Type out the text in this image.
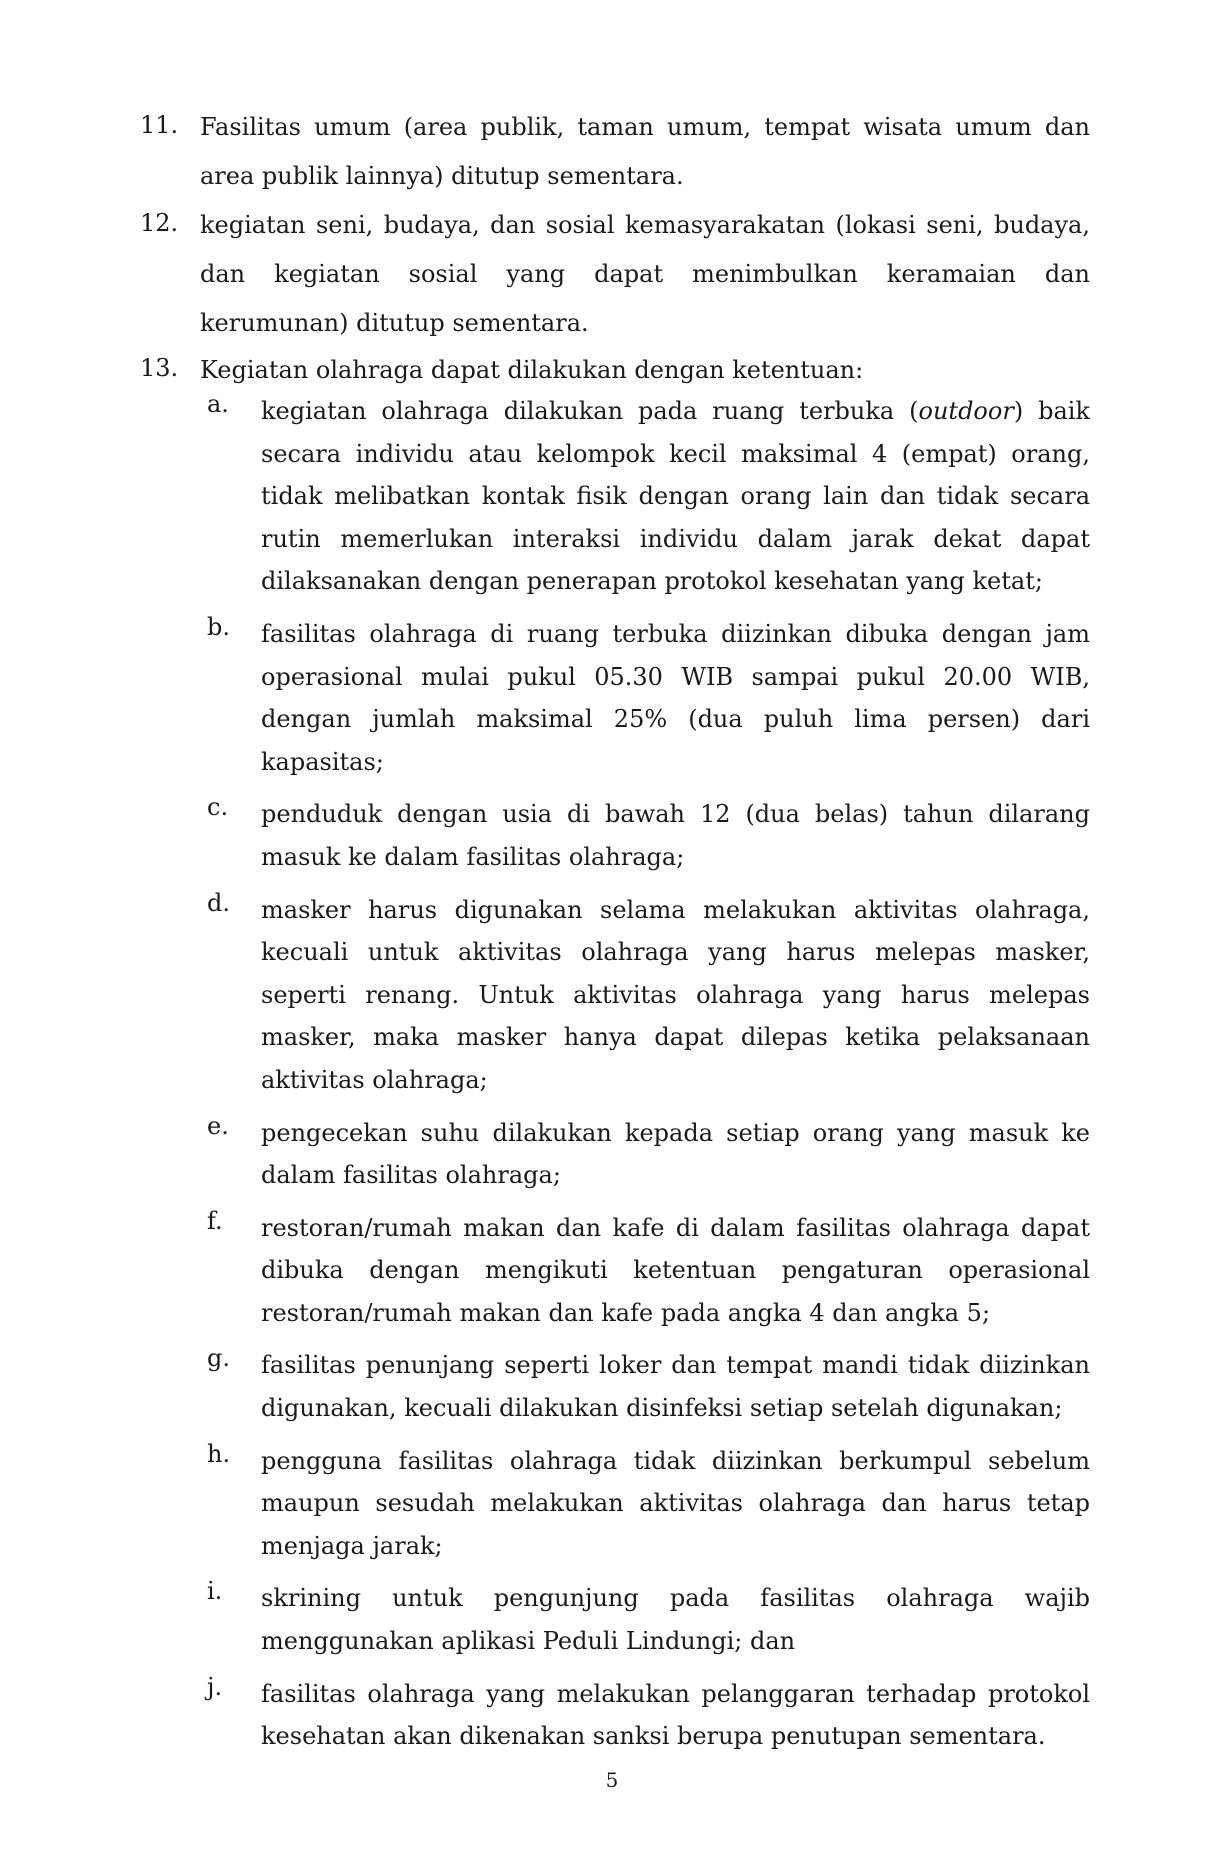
11. Fasilitas umum (area publik, taman umum, tempat wisata umum dan area publik lainnya) ditutup sementara.
12. kegiatan seni, budaya, dan sosial kemasyarakatan (lokasi seni, budaya, dan kegiatan sosial yang dapat menimbulkan keramaian dan kerumunan) ditutup sementara.
13. Kegiatan olahraga dapat dilakukan dengan ketentuan:
a. kegiatan olahraga dilakukan pada ruang terbuka (outdoor) baik secara individu atau kelompok kecil maksimal 4 (empat) orang, tidak melibatkan kontak fisik dengan orang lain dan tidak secara rutin memerlukan interaksi individu dalam jarak dekat dapat dilaksanakan dengan penerapan protokol kesehatan yang ketat;
b. fasilitas olahraga di ruang terbuka diizinkan dibuka dengan jam operasional mulai pukul 05.30 WIB sampai pukul 20.00 WIB, dengan jumlah maksimal 25% (dua puluh lima persen) dari kapasitas;
c. penduduk dengan usia di bawah 12 (dua belas) tahun dilarang masuk ke dalam fasilitas olahraga;
d. masker harus digunakan selama melakukan aktivitas olahraga, kecuali untuk aktivitas olahraga yang harus melepas masker, seperti renang. Untuk aktivitas olahraga yang harus melepas masker, maka masker hanya dapat dilepas ketika pelaksanaan aktivitas olahraga;
e. pengecekan suhu dilakukan kepada setiap orang yang masuk ke dalam fasilitas olahraga;
f. restoran/rumah makan dan kafe di dalam fasilitas olahraga dapat dibuka dengan mengikuti ketentuan pengaturan operasional restoran/rumah makan dan kafe pada angka 4 dan angka 5;
g. fasilitas penunjang seperti loker dan tempat mandi tidak diizinkan digunakan, kecuali dilakukan disinfeksi setiap setelah digunakan;
h. pengguna fasilitas olahraga tidak diizinkan berkumpul sebelum maupun sesudah melakukan aktivitas olahraga dan harus tetap menjaga jarak;
i. skrining untuk pengunjung pada fasilitas olahraga wajib menggunakan aplikasi Peduli Lindungi; dan
j. fasilitas olahraga yang melakukan pelanggaran terhadap protokol kesehatan akan dikenakan sanksi berupa penutupan sementara.
5
